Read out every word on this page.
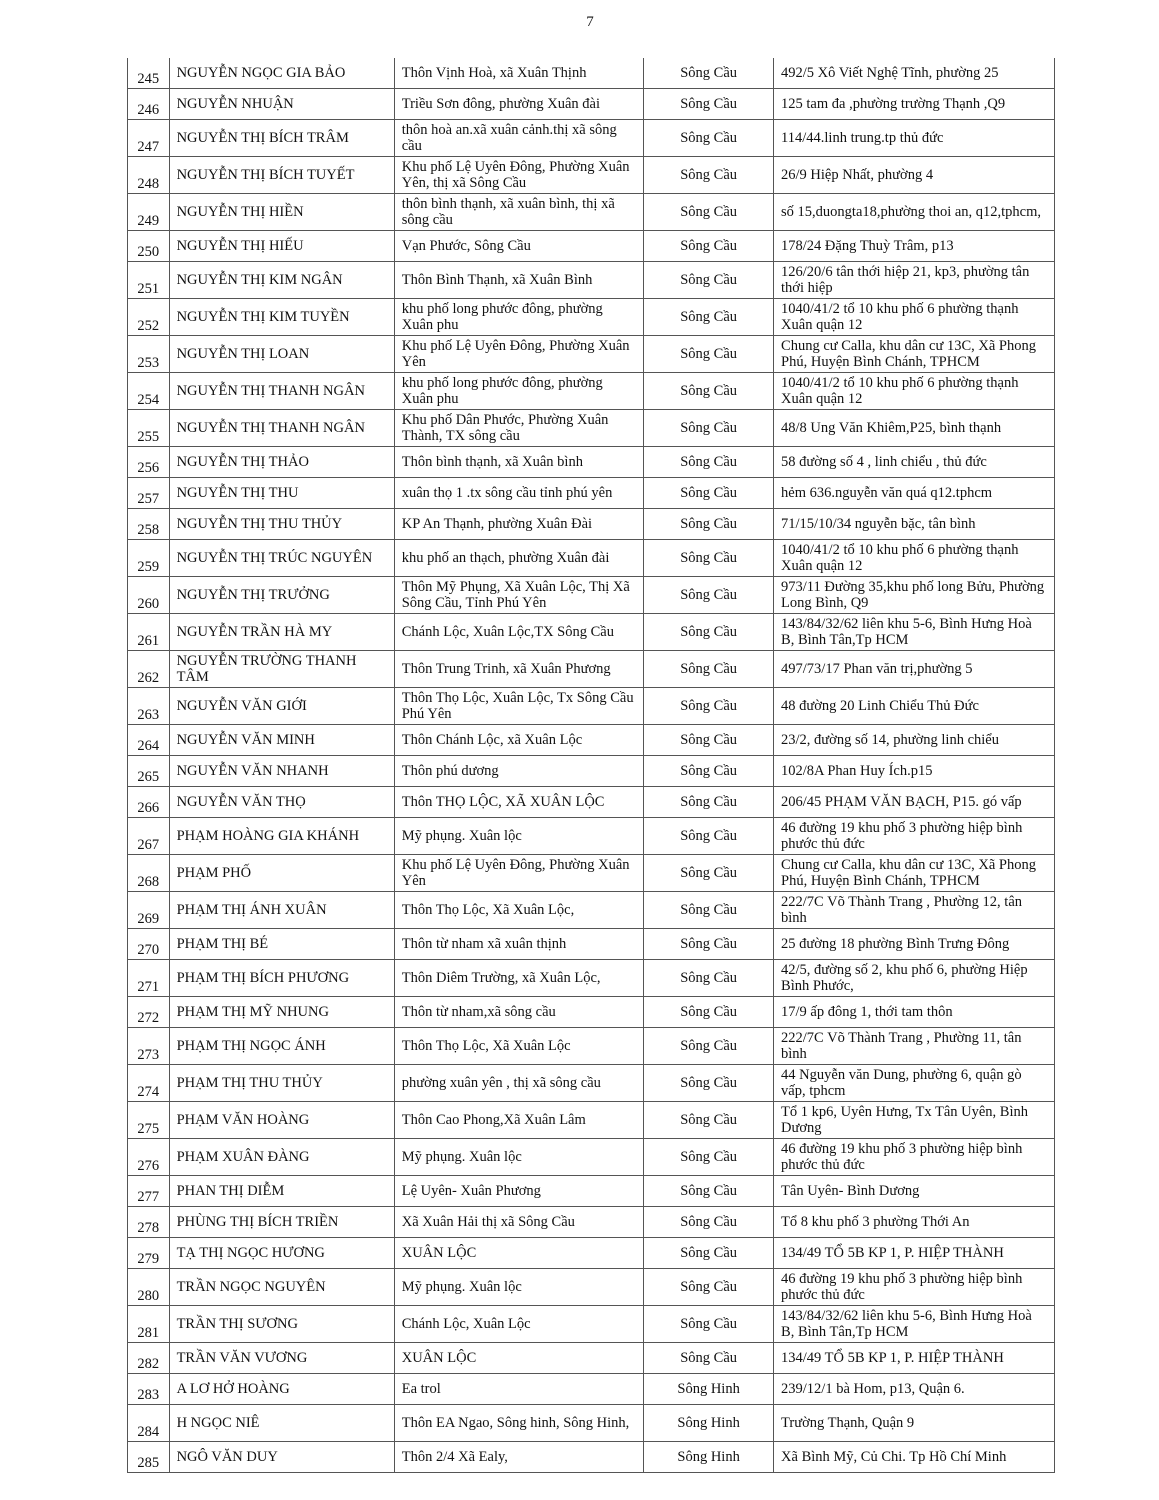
7
245	NGUYỄN NGỌC GIA BẢO	Thôn Vịnh Hoà, xã Xuân Thịnh	Sông Cầu	492/5 Xô Viết Nghệ Tĩnh, phường 25
246	NGUYỄN NHUẬN	Triều Sơn đông, phường Xuân đài	Sông Cầu	125 tam đa ,phường trường Thạnh ,Q9
247	NGUYỄN THỊ BÍCH TRÂM	thôn hoà an.xã xuân cảnh.thị xã sông cầu	Sông Cầu	114/44.linh trung.tp thủ đức
248	NGUYỄN THỊ BÍCH TUYẾT	Khu phố Lệ Uyên Đông, Phường Xuân Yên, thị xã Sông Cầu	Sông Cầu	26/9 Hiệp Nhất, phường 4
249	NGUYỄN THỊ HIỀN	thôn bình thạnh, xã xuân bình, thị xã sông cầu	Sông Cầu	số 15,duongta18,phường thoi an, q12,tphcm,
250	NGUYỄN THỊ HIẾU	Vạn Phước, Sông Cầu	Sông Cầu	178/24 Đặng Thuỳ Trâm, p13
251	NGUYỄN THỊ KIM NGÂN	Thôn Bình Thạnh, xã Xuân Bình	Sông Cầu	126/20/6 tân thới hiệp 21, kp3, phường tân thới hiệp
252	NGUYỄN THỊ KIM TUYỀN	khu phố long phước đông, phường Xuân phu	Sông Cầu	1040/41/2 tổ 10 khu phố 6 phường thạnh Xuân quận 12
253	NGUYỄN THỊ LOAN	Khu phố Lệ Uyên Đông, Phường Xuân Yên	Sông Cầu	Chung cư Calla, khu dân cư 13C, Xã Phong Phú, Huyện Bình Chánh, TPHCM
254	NGUYỄN THỊ THANH NGÂN	khu phố long phước đông, phường Xuân phu	Sông Cầu	1040/41/2 tổ 10 khu phố 6 phường thạnh Xuân quận 12
255	NGUYỄN THỊ THANH NGÂN	Khu phố Dân Phước, Phường Xuân Thành, TX sông cầu	Sông Cầu	48/8 Ung Văn Khiêm,P25, bình thạnh
256	NGUYỄN THỊ THẢO	Thôn bình thạnh, xã Xuân bình	Sông Cầu	58 đường số 4 , linh chiểu , thủ đức
257	NGUYỄN THỊ THU	xuân thọ 1 .tx sông cầu tỉnh phú yên	Sông Cầu	hẻm 636.nguyễn văn quá q12.tphcm
258	NGUYỄN THỊ THU THỦY	KP An Thạnh, phường Xuân Đài	Sông Cầu	71/15/10/34 nguyễn bặc, tân bình
259	NGUYỄN THỊ TRÚC NGUYÊN	khu phố an thạch, phường Xuân đài	Sông Cầu	1040/41/2 tổ 10 khu phố 6 phường thạnh Xuân quận 12
260	NGUYỄN THỊ TRƯỞNG	Thôn Mỹ Phụng, Xã Xuân Lộc, Thị Xã Sông Cầu, Tỉnh Phú Yên	Sông Cầu	973/11 Đường 35,khu phố long Bửu, Phường Long Bình, Q9
261	NGUYỄN TRẦN HÀ MY	Chánh Lộc, Xuân Lộc,TX Sông Cầu	Sông Cầu	143/84/32/62 liên khu 5-6, Bình Hưng Hoà B, Bình Tân,Tp HCM
262	NGUYỄN TRƯỜNG THANH TÂM	Thôn Trung Trinh, xã Xuân Phương	Sông Cầu	497/73/17 Phan văn trị,phường 5
263	NGUYỄN VĂN GIỚI	Thôn Thọ Lộc, Xuân Lộc, Tx Sông Cầu Phú Yên	Sông Cầu	48 đường 20 Linh Chiểu Thủ Đức
264	NGUYỄN VĂN MINH	Thôn Chánh Lộc, xã Xuân Lộc	Sông Cầu	23/2, đường số 14, phường linh chiểu
265	NGUYỄN VĂN NHANH	Thôn phú dương	Sông Cầu	102/8A Phan Huy Ích.p15
266	NGUYỄN VĂN THỌ	Thôn THỌ LỘC, XÃ XUÂN LỘC	Sông Cầu	206/45 PHẠM VĂN BẠCH, P15. gó vấp
267	PHẠM HOÀNG GIA KHÁNH	Mỹ phụng. Xuân lộc	Sông Cầu	46 đường 19 khu phố 3 phường hiệp bình phước thủ đức
268	PHẠM PHỐ	Khu phố Lệ Uyên Đông, Phường Xuân Yên	Sông Cầu	Chung cư Calla, khu dân cư 13C, Xã Phong Phú, Huyện Bình Chánh, TPHCM
269	PHẠM THỊ ÁNH XUÂN	Thôn Thọ Lộc, Xã Xuân Lộc,	Sông Cầu	222/7C Võ Thành Trang , Phường 12, tân bình
270	PHẠM THỊ BÉ	Thôn từ nham xã xuân thịnh	Sông Cầu	25 đường 18 phường Bình Trưng Đông
271	PHẠM THỊ BÍCH PHƯƠNG	Thôn Diêm Trường, xã Xuân Lộc,	Sông Cầu	42/5, đường số 2, khu phố 6, phường Hiệp Bình Phước,
272	PHẠM THỊ MỸ NHUNG	Thôn từ nham,xã sông cầu	Sông Cầu	17/9 ấp đông 1, thới tam thôn
273	PHẠM THỊ NGỌC ÁNH	Thôn Thọ Lộc, Xã Xuân Lộc	Sông Cầu	222/7C Võ Thành Trang , Phường 11, tân bình
274	PHẠM THỊ THU THỦY	phường xuân yên , thị xã sông cầu	Sông Cầu	44 Nguyễn văn Dung, phường 6, quận gò vấp, tphcm
275	PHẠM VĂN HOÀNG	Thôn Cao Phong,Xã Xuân Lâm	Sông Cầu	Tổ 1 kp6, Uyên Hưng, Tx Tân Uyên, Bình Dương
276	PHẠM XUÂN ĐÀNG	Mỹ phụng. Xuân lộc	Sông Cầu	46 đường 19 khu phố 3 phường hiệp bình phước thủ đức
277	PHAN THỊ DIỄM	Lệ Uyên- Xuân Phương	Sông Cầu	Tân Uyên- Bình Dương
278	PHÙNG THỊ BÍCH TRIỀN	Xã Xuân Hải thị xã Sông Cầu	Sông Cầu	Tổ 8 khu phố 3 phường Thới An
279	TẠ THỊ NGỌC HƯƠNG	XUÂN LỘC	Sông Cầu	134/49 TỔ 5B KP 1, P. HIỆP THÀNH
280	TRẦN NGỌC NGUYÊN	Mỹ phụng. Xuân lộc	Sông Cầu	46 đường 19 khu phố 3 phường hiệp bình phước thủ đức
281	TRẦN THỊ SƯƠNG	Chánh Lộc, Xuân Lộc	Sông Cầu	143/84/32/62 liên khu 5-6, Bình Hưng Hoà B, Bình Tân,Tp HCM
282	TRẦN VĂN VƯƠNG	XUÂN LỘC	Sông Cầu	134/49 TỔ 5B KP 1, P. HIỆP THÀNH
283	A LƠ HỞ HOÀNG	Ea trol	Sông Hinh	239/12/1 bà Hom, p13, Quận 6.
284	H NGỌC NIÊ	Thôn EA Ngao, Sông hinh, Sông Hinh,	Sông Hinh	Trường Thạnh, Quận 9
285	NGÔ VĂN DUY	Thôn 2/4 Xã Ealy,	Sông Hinh	Xã Bình Mỹ, Củ Chi. Tp Hồ Chí Minh
